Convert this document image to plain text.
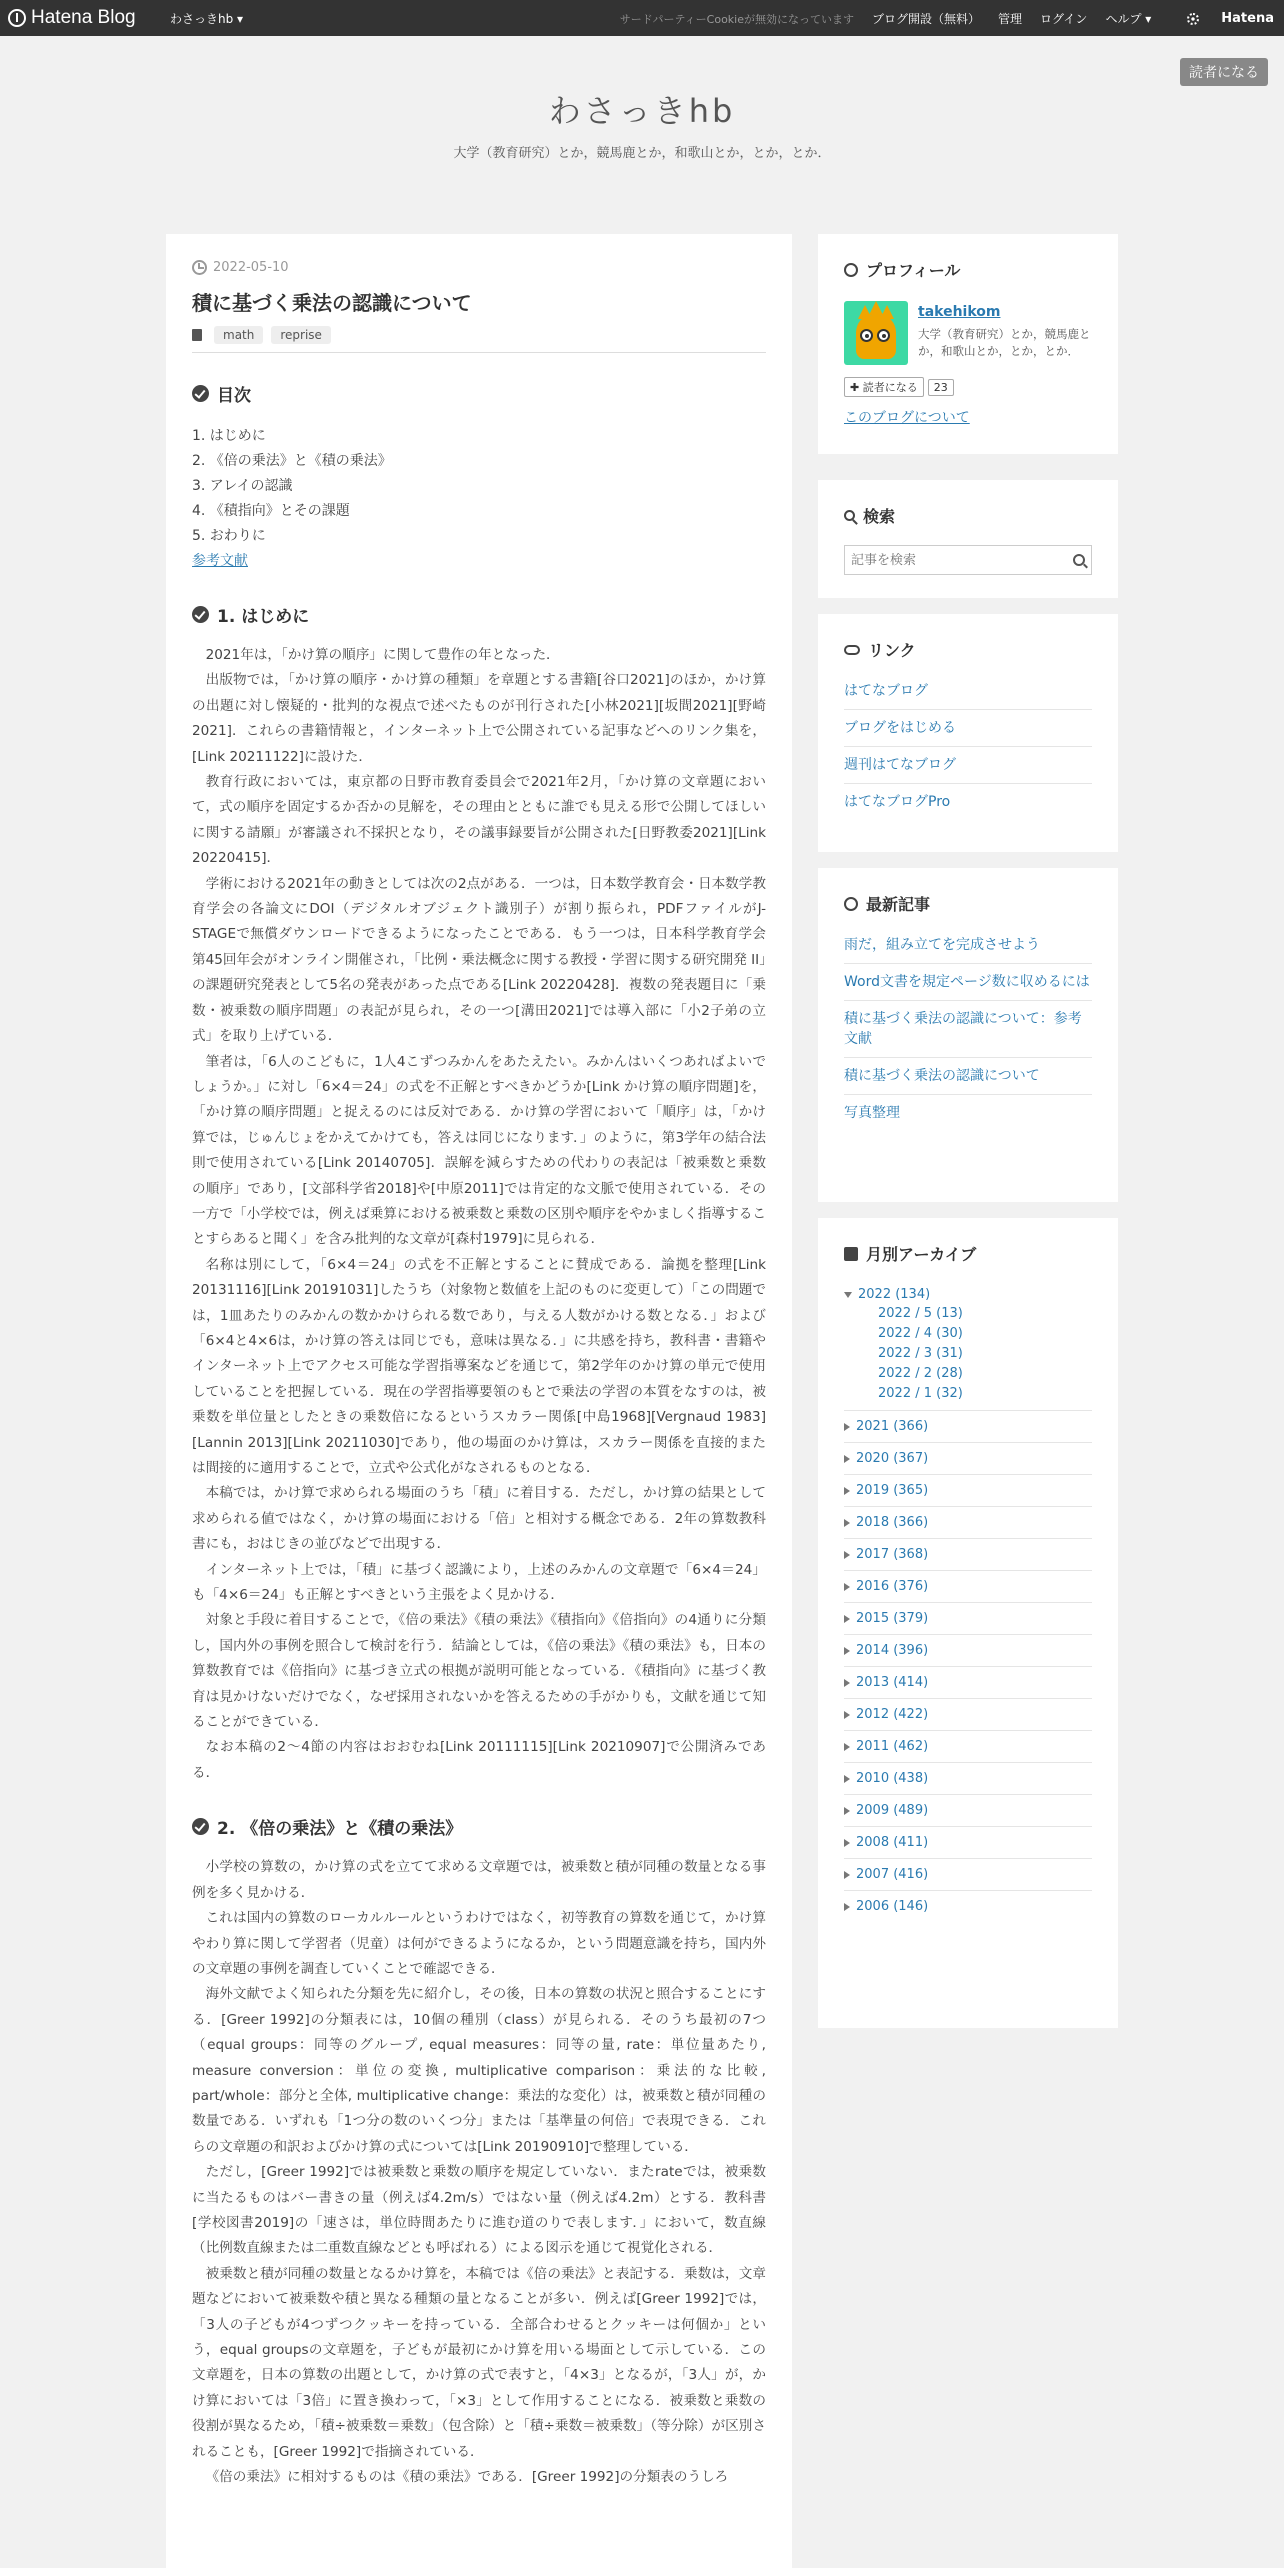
Hatena Blog	わさっきhb ▾	サードパーティーCookieが無効になっています ブログ開設（無料） 管理 ログイン ヘルプ ▾	Hatena
読者になる
わさっきhb
大学（教育研究）とか，競馬鹿とか，和歌山とか，とか，とか．
2022-05-10
積に基づく乗法の認識について
math	reprise
目次
1. はじめに
2. 《倍の乗法》と《積の乗法》
3. アレイの認識
4. 《積指向》とその課題
5. おわりに
参考文献
1. はじめに

2021年は，「かけ算の順序」に関して豊作の年となった．

出版物では，「かけ算の順序・かけ算の種類」を章題とする書籍[谷口2021]のほか，かけ算の出題に対し懐疑的・批判的な視点で述べたものが刊行された[小林2021][坂間2021][野崎2021]．これらの書籍情報と，インターネット上で公開されている記事などへのリンク集を，[Link 20211122]に設けた．

教育行政においては，東京都の日野市教育委員会で2021年2月，「かけ算の文章題において，式の順序を固定するか否かの見解を，その理由とともに誰でも見える形で公開してほしいに関する請願」が審議され不採択となり，その議事録要旨が公開された[日野教委2021][Link 20220415]．

学術における2021年の動きとしては次の2点がある．一つは，日本数学教育会・日本数学教育学会の各論文にDOI（デジタルオブジェクト識別子）が割り振られ，PDFファイルがJ-STAGEで無償ダウンロードできるようになったことである．もう一つは，日本科学教育学会第45回年会がオンライン開催され，「比例・乗法概念に関する教授・学習に関する研究開発 II」の課題研究発表として5名の発表があった点である[Link 20220428]．複数の発表題目に「乗数・被乗数の順序問題」の表記が見られ，その一つ[溝田2021]では導入部に「小2子弟の立式」を取り上げている．

筆者は，「6人のこどもに，1人4こずつみかんをあたえたい。みかんはいくつあればよいでしょうか。」に対し「6×4＝24」の式を不正解とすべきかどうか[Link かけ算の順序問題]を，「かけ算の順序問題」と捉えるのには反対である．かけ算の学習において「順序」は，「かけ算では，じゅんじょをかえてかけても，答えは同じになります．」のように，第3学年の結合法則で使用されている[Link 20140705]．誤解を減らすための代わりの表記は「被乗数と乗数の順序」であり，[文部科学省2018]や[中原2011]では肯定的な文脈で使用されている．その一方で「小学校では，例えば乗算における被乗数と乗数の区別や順序をやかましく指導することすらあると聞く」を含み批判的な文章が[森村1979]に見られる．

名称は別にして，「6×4＝24」の式を不正解とすることに賛成である．論拠を整理[Link 20131116][Link 20191031]したうち（対象物と数値を上記のものに変更して）「この問題では，1皿あたりのみかんの数かかけられる数であり，与える人数がかける数となる．」および「6×4と4×6は，かけ算の答えは同じでも，意味は異なる．」に共感を持ち，教科書・書籍やインターネット上でアクセス可能な学習指導案などを通じて，第2学年のかけ算の単元で使用していることを把握している．現在の学習指導要領のもとで乗法の学習の本質をなすのは，被乗数を単位量としたときの乗数倍になるというスカラー関係[中島1968][Vergnaud 1983][Lannin 2013][Link 20211030]であり，他の場面のかけ算は，スカラー関係を直接的または間接的に適用することで，立式や公式化がなされるものとなる．

本稿では，かけ算で求められる場面のうち「積」に着目する．ただし，かけ算の結果として求められる値ではなく，かけ算の場面における「倍」と相対する概念である．2年の算数教科書にも，おはじきの並びなどで出現する．

インターネット上では，「積」に基づく認識により，上述のみかんの文章題で「6×4＝24」も「4×6＝24」も正解とすべきという主張をよく見かける．

対象と手段に着目することで，《倍の乗法》《積の乗法》《積指向》《倍指向》の4通りに分類し，国内外の事例を照合して検討を行う．結論としては，《倍の乗法》《積の乗法》も，日本の算数教育では《倍指向》に基づき立式の根拠が説明可能となっている．《積指向》に基づく教育は見かけないだけでなく，なぜ採用されないかを答えるための手がかりも，文献を通じて知ることができている．

なお本稿の2～4節の内容はおおむね[Link 20111115][Link 20210907]で公開済みである．

2. 《倍の乗法》と《積の乗法》

小学校の算数の，かけ算の式を立てて求める文章題では，被乗数と積が同種の数量となる事例を多く見かける．

これは国内の算数のローカルルールというわけではなく，初等教育の算数を通じて，かけ算やわり算に関して学習者（児童）は何ができるようになるか，という問題意識を持ち，国内外の文章題の事例を調査していくことで確認できる．

海外文献でよく知られた分類を先に紹介し，その後，日本の算数の状況と照合することにする．[Greer 1992]の分類表には，10個の種別（class）が見られる．そのうち最初の7つ（equal groups：同等のグループ, equal measures：同等の量, rate：単位量あたり, measure conversion：単位の変換, multiplicative comparison：乗法的な比較, part/whole：部分と全体, multiplicative change：乗法的な変化）は，被乗数と積が同種の数量である．いずれも「1つ分の数のいくつ分」または「基準量の何倍」で表現できる．これらの文章題の和訳およびかけ算の式については[Link 20190910]で整理している．

ただし，[Greer 1992]では被乗数と乗数の順序を規定していない．またrateでは，被乗数に当たるものはバー書きの量（例えば4.2m/s）ではない量（例えば4.2m）とする．教科書[学校図書2019]の「速さは，単位時間あたりに進む道のりで表します．」において，数直線（比例数直線または二重数直線などとも呼ばれる）による図示を通じて視覚化される．

被乗数と積が同種の数量となるかけ算を，本稿では《倍の乗法》と表記する．乗数は，文章題などにおいて被乗数や積と異なる種類の量となることが多い．例えば[Greer 1992]では，「3人の子どもが4つずつクッキーを持っている．全部合わせるとクッキーは何個か」という，equal groupsの文章題を，子どもが最初にかけ算を用いる場面として示している．この文章題を，日本の算数の出題として，かけ算の式で表すと，「4×3」となるが，「3人」が，かけ算においては「3倍」に置き換わって，「×3」として作用することになる．被乗数と乗数の役割が異なるため，「積÷被乗数＝乗数」（包含除）と「積÷乗数＝被乗数」（等分除）が区別されることも，[Greer 1992]で指摘されている．

《倍の乗法》に相対するものは《積の乗法》である．[Greer 1992]の分類表のうしろ

プロフィール
takehikom
大学（教育研究）とか，競馬鹿とか，和歌山とか，とか，とか．
✚ 読者になる	23
このブログについて
検索
記事を検索
リンク
はてなブログ
ブログをはじめる
週刊はてなブログ
はてなブログPro
最新記事
雨だ，組み立てを完成させよう
Word文書を規定ページ数に収めるには
積に基づく乗法の認識について：参考文献
積に基づく乗法の認識について
写真整理
月別アーカイブ
2022 (134)
2022 / 5 (13)
2022 / 4 (30)
2022 / 3 (31)
2022 / 2 (28)
2022 / 1 (32)
2021 (366)
2020 (367)
2019 (365)
2018 (366)
2017 (368)
2016 (376)
2015 (379)
2014 (396)
2013 (414)
2012 (422)
2011 (462)
2010 (438)
2009 (489)
2008 (411)
2007 (416)
2006 (146)
